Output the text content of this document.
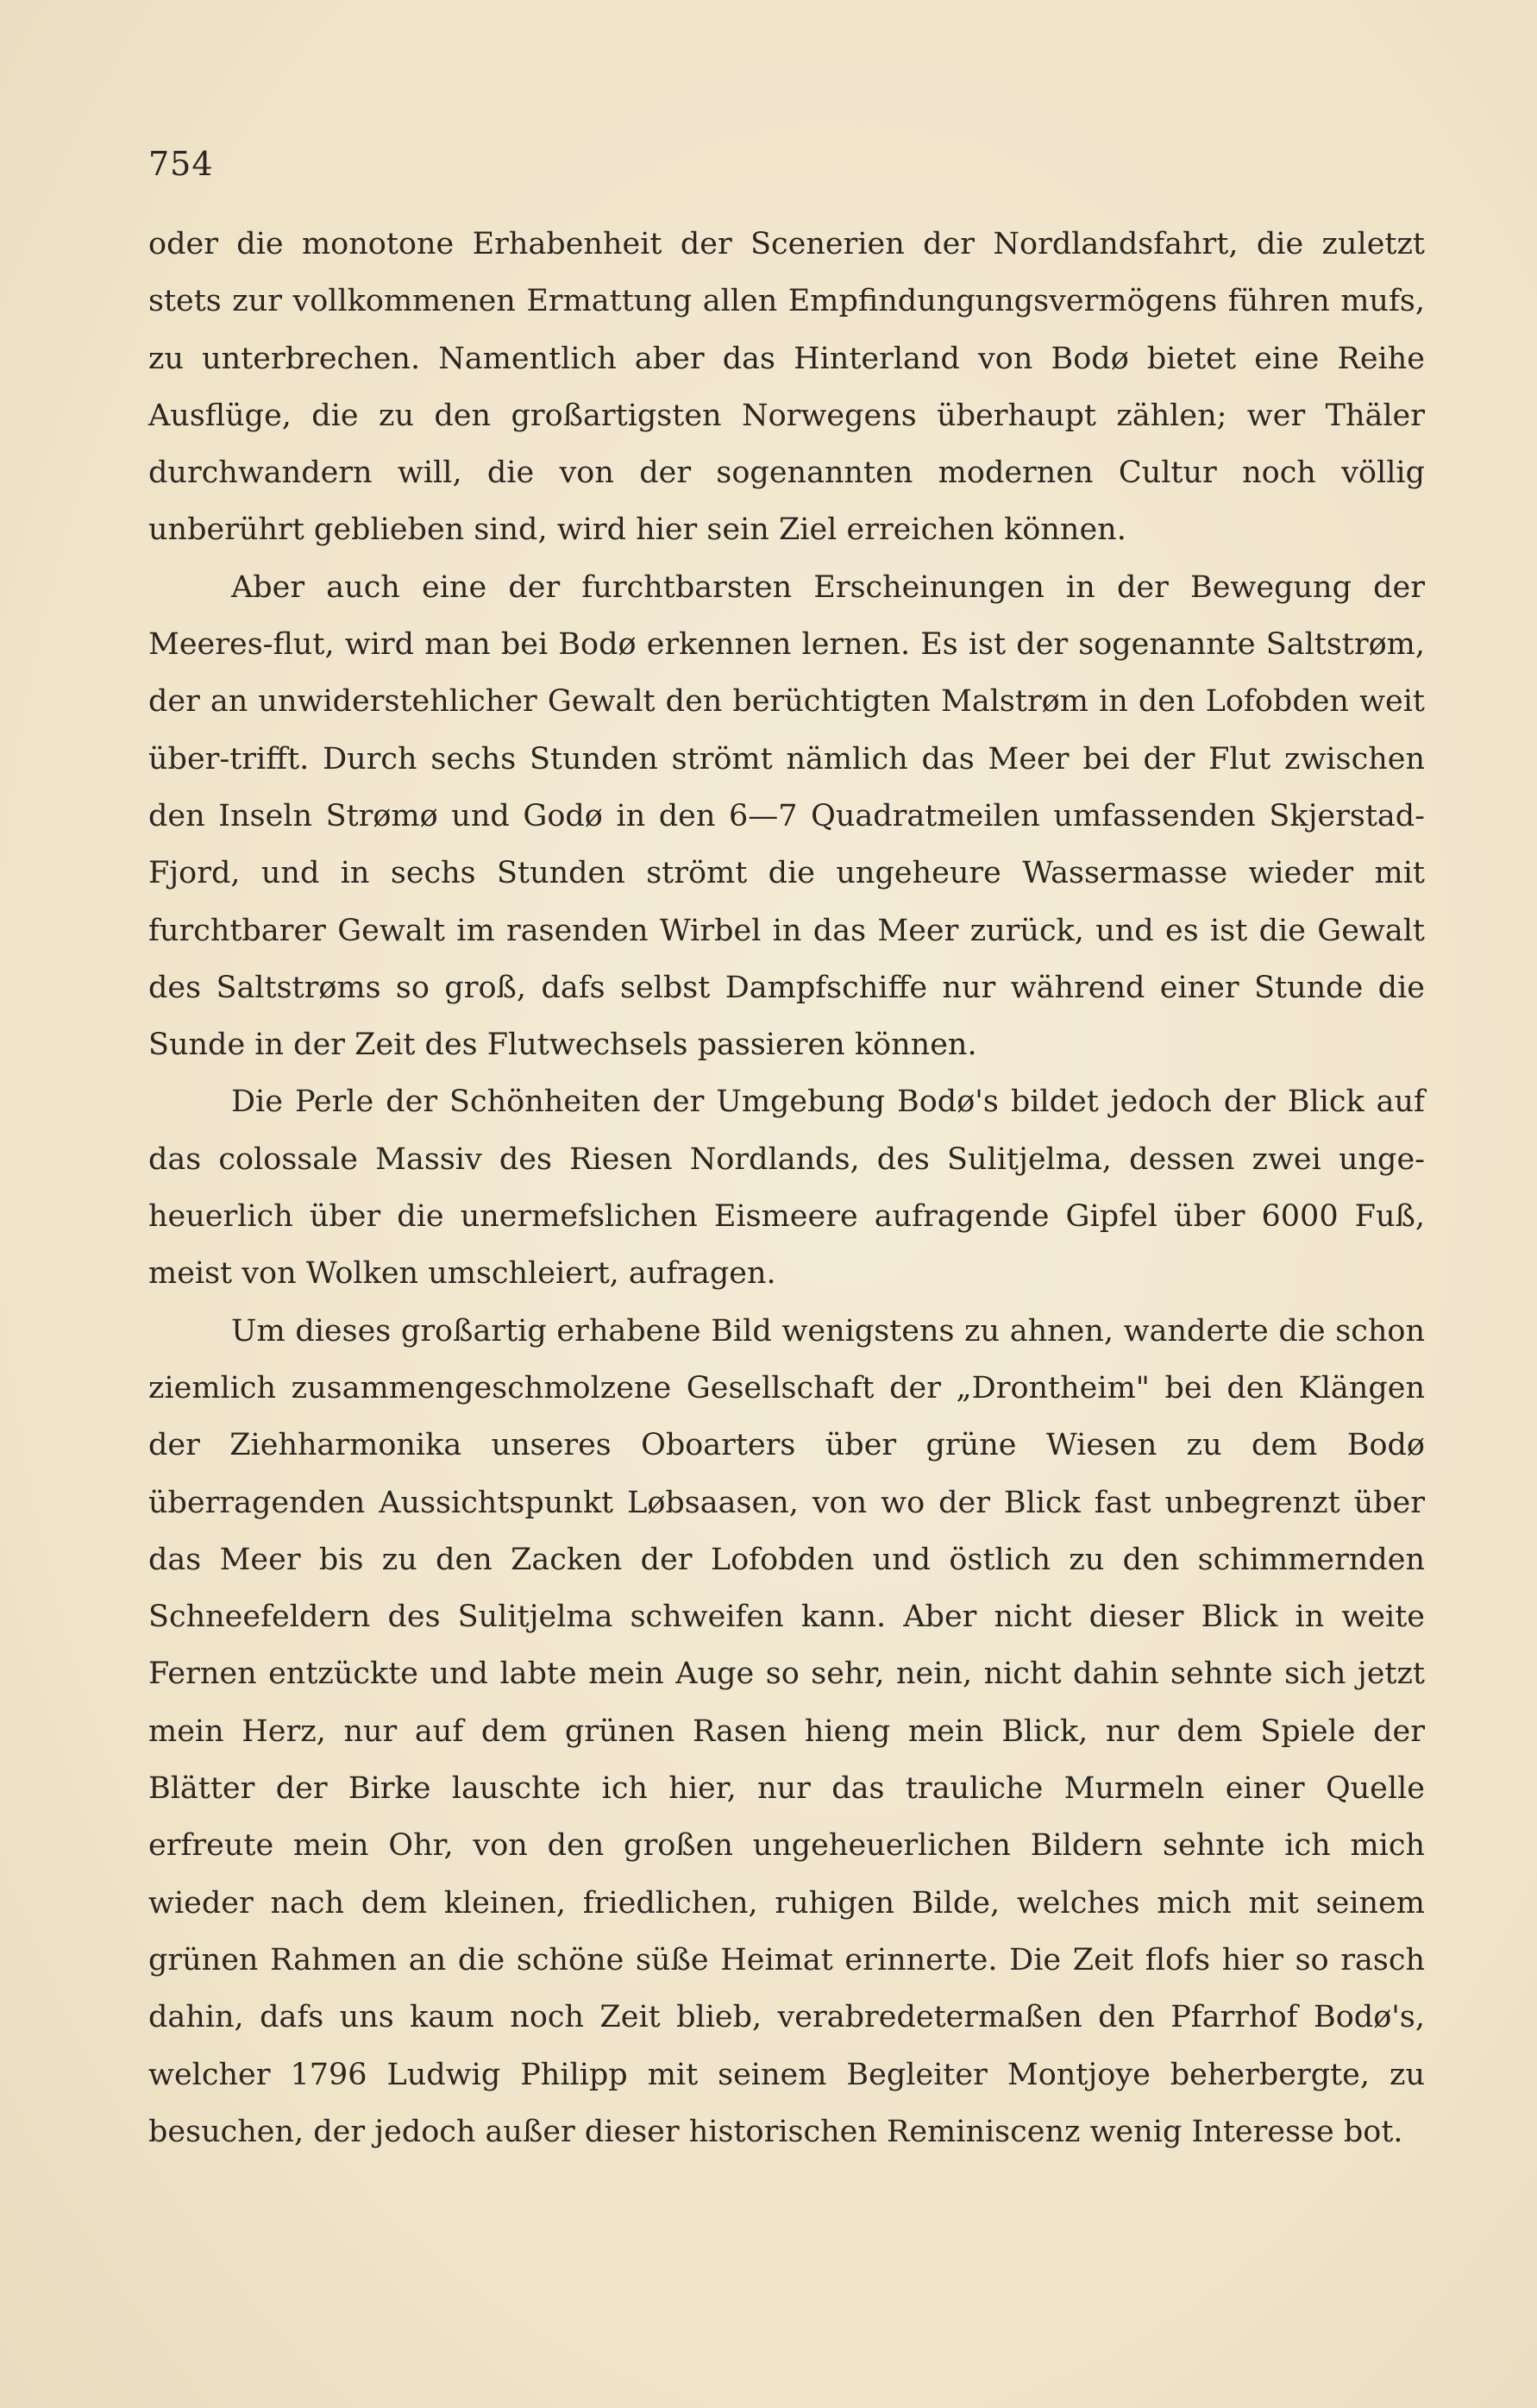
754

oder die monotone Erhabenheit der Scenerien der Nordlandsfahrt, die zuletzt stets zur vollkommenen Ermattung allen Empfindungungsvermögens führen mufs, zu unterbrechen. Namentlich aber das Hinterland von Bodø bietet eine Reihe Ausflüge, die zu den großartigsten Norwegens überhaupt zählen; wer Thäler durchwandern will, die von der sogenannten modernen Cultur noch völlig unberührt geblieben sind, wird hier sein Ziel erreichen können.

Aber auch eine der furchtbarsten Erscheinungen in der Bewegung der Meeres-flut, wird man bei Bodø erkennen lernen. Es ist der sogenannte Saltstrøm, der an unwiderstehlicher Gewalt den berüchtigten Malstrøm in den Lofobden weit über-trifft. Durch sechs Stunden strömt nämlich das Meer bei der Flut zwischen den Inseln Strømø und Godø in den 6—7 Quadratmeilen umfassenden Skjerstad-Fjord, und in sechs Stunden strömt die ungeheure Wassermasse wieder mit furchtbarer Gewalt im rasenden Wirbel in das Meer zurück, und es ist die Gewalt des Saltstrøms so groß, dafs selbst Dampfschiffe nur während einer Stunde die Sunde in der Zeit des Flutwechsels passieren können.

Die Perle der Schönheiten der Umgebung Bodø's bildet jedoch der Blick auf das colossale Massiv des Riesen Nordlands, des Sulitjelma, dessen zwei unge-heuerlich über die unermefslichen Eismeere aufragende Gipfel über 6000 Fuß, meist von Wolken umschleiert, aufragen.

Um dieses großartig erhabene Bild wenigstens zu ahnen, wanderte die schon ziemlich zusammengeschmolzene Gesellschaft der „Drontheim" bei den Klängen der Ziehharmonika unseres Oboarters über grüne Wiesen zu dem Bodø überragenden Aussichtspunkt Løbsaasen, von wo der Blick fast unbegrenzt über das Meer bis zu den Zacken der Lofobden und östlich zu den schimmernden Schneefeldern des Sulitjelma schweifen kann. Aber nicht dieser Blick in weite Fernen entzückte und labte mein Auge so sehr, nein, nicht dahin sehnte sich jetzt mein Herz, nur auf dem grünen Rasen hieng mein Blick, nur dem Spiele der Blätter der Birke lauschte ich hier, nur das trauliche Murmeln einer Quelle erfreute mein Ohr, von den großen ungeheuerlichen Bildern sehnte ich mich wieder nach dem kleinen, friedlichen, ruhigen Bilde, welches mich mit seinem grünen Rahmen an die schöne süße Heimat erinnerte. Die Zeit flofs hier so rasch dahin, dafs uns kaum noch Zeit blieb, verabredetermaßen den Pfarrhof Bodø's, welcher 1796 Ludwig Philipp mit seinem Begleiter Montjoye beherbergte, zu besuchen, der jedoch außer dieser historischen Reminiscenz wenig Interesse bot.
